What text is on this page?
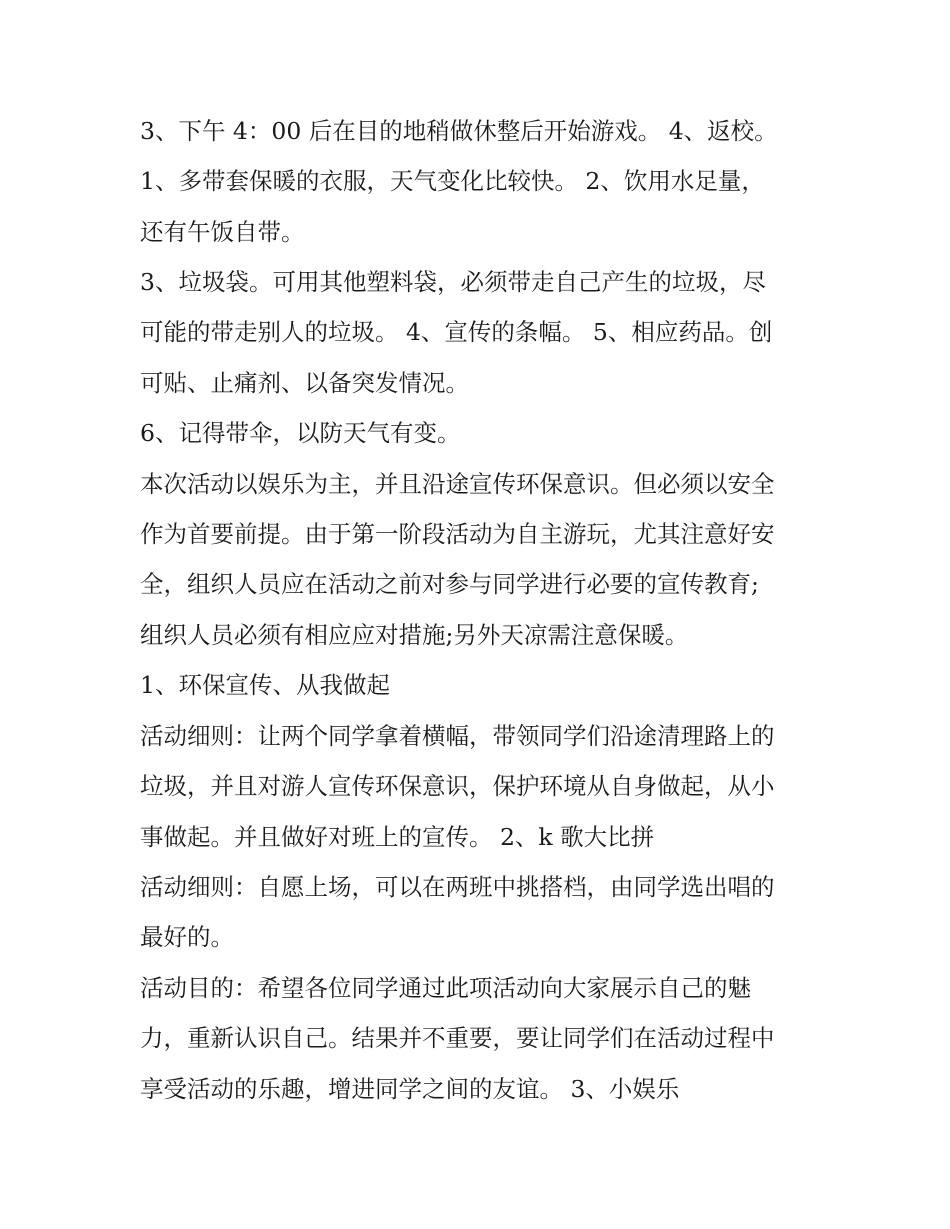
3、下午 4：00 后在目的地稍做休整后开始游戏。 4、返校。
1、多带套保暖的衣服，天气变化比较快。 2、饮用水足量，
还有午饭自带。
3、垃圾袋。可用其他塑料袋，必须带走自己产生的垃圾，尽
可能的带走别人的垃圾。 4、宣传的条幅。 5、相应药品。创
可贴、止痛剂、以备突发情况。
6、记得带伞，以防天气有变。
本次活动以娱乐为主，并且沿途宣传环保意识。但必须以安全
作为首要前提。由于第一阶段活动为自主游玩，尤其注意好安
全，组织人员应在活动之前对参与同学进行必要的宣传教育;
组织人员必须有相应应对措施;另外天凉需注意保暖。
1、环保宣传、从我做起
活动细则：让两个同学拿着横幅，带领同学们沿途清理路上的
垃圾，并且对游人宣传环保意识，保护环境从自身做起，从小
事做起。并且做好对班上的宣传。 2、k 歌大比拼
活动细则：自愿上场，可以在两班中挑搭档，由同学选出唱的
最好的。
活动目的：希望各位同学通过此项活动向大家展示自己的魅
力，重新认识自己。结果并不重要，要让同学们在活动过程中
享受活动的乐趣，增进同学之间的友谊。 3、小娱乐
